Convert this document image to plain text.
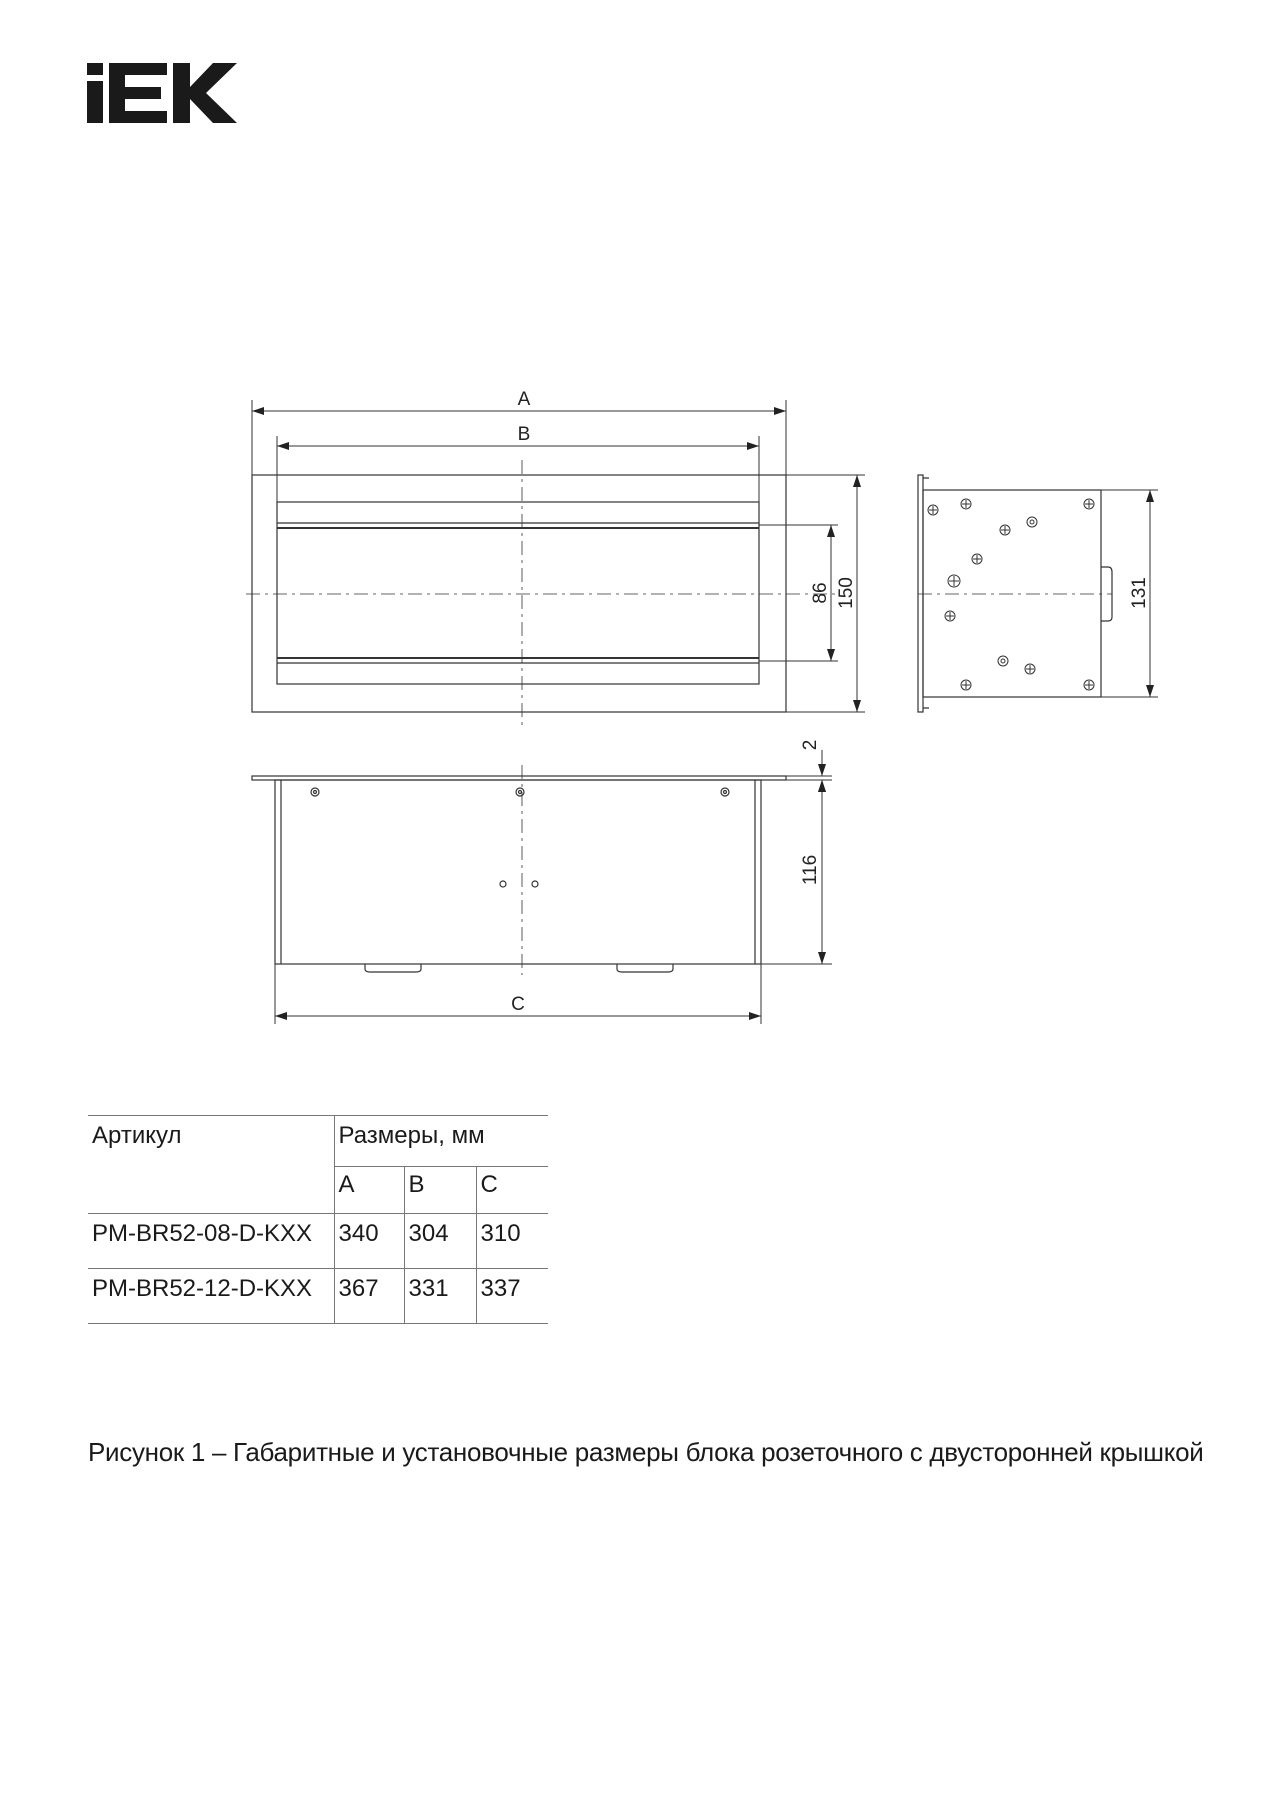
A
B
C
86 150	131
2
116
Артикул	Размеры, мм		
	A	B	C
PM-BR52-08-D-KXX	340	304	310
PM-BR52-12-D-KXX	367	331	337
Рисунок 1 – Габаритные и установочные размеры блока розеточного с двусторонней крышкой
